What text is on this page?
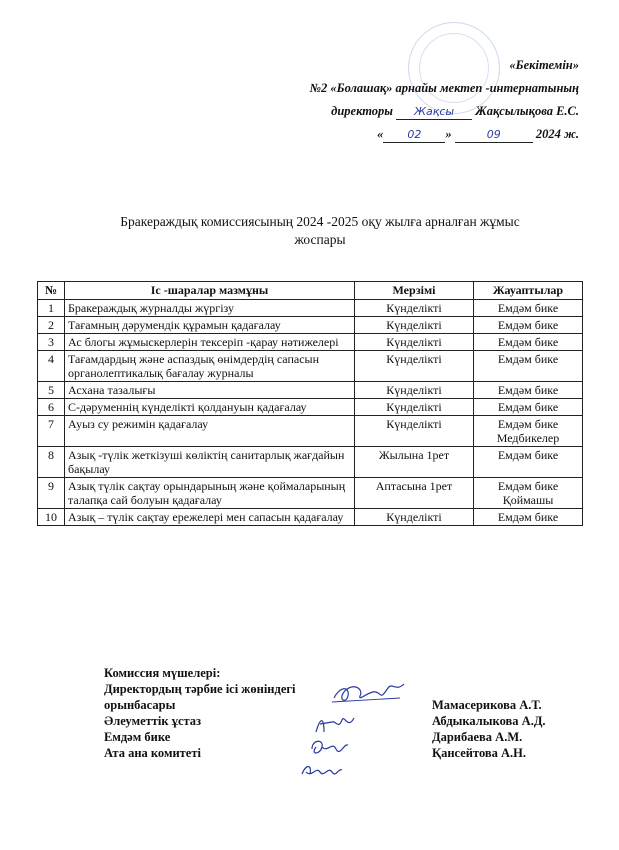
«Бекітемін»
№2 «Болашақ» арнайы мектеп -интернатының
директоры Жақсы Жақсылықова Е.С.
« 02 »	09	2024 ж.
Бракераждық комиссиясының 2024 -2025 оқу жылға арналған жұмыс
жоспары
№	Іс -шаралар мазмұны	Мерзімі	Жауаптылар
1	Бракераждық журналды жүргізу	Күнделікті	Емдәм бике
2	Тағамның дәрумендік құрамын қадағалау	Күнделікті	Емдәм бике
3	Ас блогы жұмыскерлерін тексеріп -қарау нәтижелері	Күнделікті	Емдәм бике
4	Тағамдардың және аспаздық өнімдердің сапасын органолептикалық бағалау журналы	Күнделікті	Емдәм бике
5	Асхана тазалығы	Күнделікті	Емдәм бике
6	С-дәруменнің күнделікті қолдануын қадағалау	Күнделікті	Емдәм бике
7	Ауыз су режимін қадағалау	Күнделікті	Емдәм бике Медбикелер
8	Азық -түлік жеткізуші көліктің санитарлық жағдайын бақылау	Жылына 1рет	Емдәм бике
9	Азық түлік сақтау орындарының және қоймаларының талапқа сай болуын қадағалау	Аптасына 1рет	Емдәм бике Қоймашы
10	Азық – түлік сақтау ережелері мен сапасын қадағалау	Күнделікті	Емдәм бике
Комиссия мүшелері:
Директордың тәрбие ісі жөніндегі
орынбасары	Мамасерикова А.Т.
Әлеуметтік ұстаз	Абдыкалыкова А.Д.
Емдәм бике	Дарибаева А.М.
Ата ана комитеті	Қансейтова А.Н.
